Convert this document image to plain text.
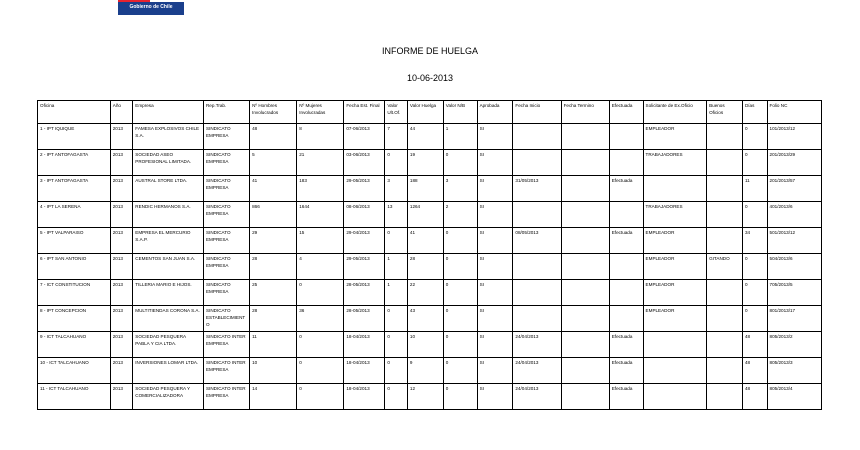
Gobierno de Chile
INFORME DE HUELGA
10-06-2013
Oficina	Año	Empresa	Rep.Trab.	Nº Hombres Involucrados	Nº Mujeres Involucradas	Fecha Est. Final	Valor Ult.Of.	Valor Huelga	Valor N/B	Aprobada	Fecha Inicio	Fecha Termino	Efectuada	Solicitante de Ex.Oficio	Buenos Oficios	Días	Folio NC
1 - IPT IQUIQUE	2013	FAMESA EXPLOSIVOS CHILE S.A.	SINDICATO EMPRESA	48	8	07-06/2013	7	44	1	SI				EMPLEADOR		0	101/2013/12
2 - IPT ANTOFAGASTA	2013	SOCIEDAD ASEO PROFESIONAL LIMITADA.	SINDICATO EMPRESA	5	21	03-06/2013	0	19	0	SI				TRABAJADORES		0	201/2013/29
3 - IPT ANTOFAGASTA	2013	AUSTRAL STORE LTDA.	SINDICATO EMPRESA	41	183	29-05/2013	3	188	3	SI	31/05/2013		Efectuada			11	201/2013/57
4 - IPT LA SERENA	2013	RENDIC HERMANOS S.A.	SINDICATO EMPRESA	866	1644	08-06/2013	13	1264	2	SI				TRABAJADORES		0	401/2013/6
5 - IPT VALPARAISO	2013	EMPRESA EL MERCURIO S.A.P.	SINDICATO EMPRESA	29	15	29-04/2013	0	41	0	SI	08/05/2013		Efectuada	EMPLEADOR		34	501/2013/12
6 - IPT SAN ANTONIO	2013	CEMENTOS SAN JUAN S.A.	SINDICATO EMPRESA	28	4	29-05/2013	1	28	0	SI				EMPLEADOR	GITANDO	0	504/2013/6
7 - ICT CONSTITUCION	2013	TILLERIA MARIO E HIJOS.	SINDICATO EMPRESA	25	0	28-05/2013	1	22	0	SI				EMPLEADOR		0	705/2013/5
8 - IPT CONCEPCION	2013	MULTITIENDAS CORONA S.A.	SINDICATO ESTABLECIMIENTO	28	36	28-05/2013	0	43	0	SI				EMPLEADOR		0	801/2013/17
9 - ICT TALCAHUANO	2013	SOCIEDAD PESQUERA PABLA Y CIA LTDA.	SINDICATO INTER EMPRESA	11	0	18-04/2013	0	10	0	SI	24/04/2013		Efectuada			48	805/2013/2
10 - ICT TALCAHUANO	2013	INVERSIONES LOMAR LTDA.	SINDICATO INTER EMPRESA	10	0	18-04/2013	0	9	0	SI	24/04/2013		Efectuada			48	805/2013/3
11 - ICT TALCAHUANO	2013	SOCIEDAD PESQUERA Y COMERCIALIZADORA	SINDICATO INTER EMPRESA	14	0	18-04/2013	0	12	0	SI	24/04/2013		Efectuada			48	805/2013/4
